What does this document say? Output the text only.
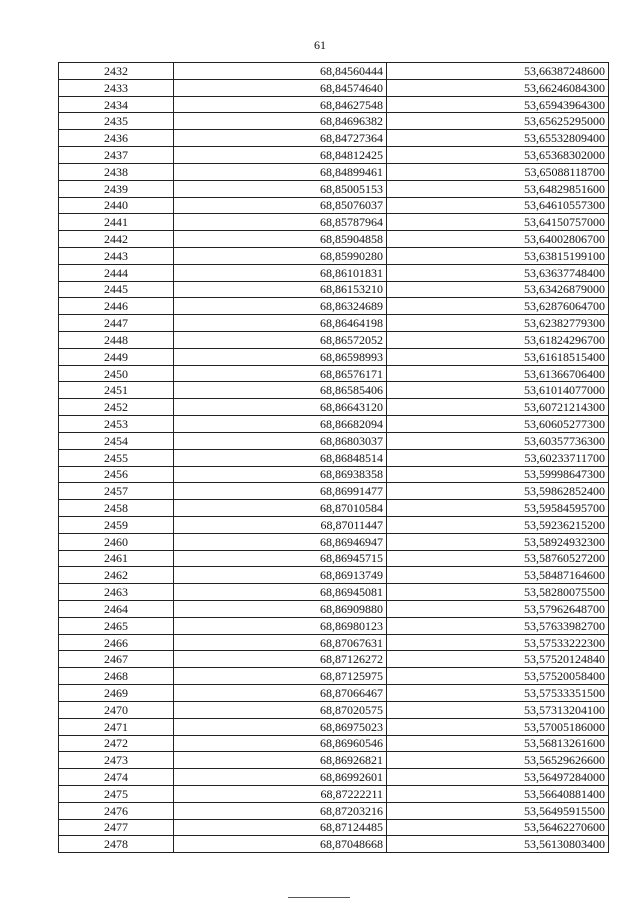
61
2432	68,84560444	53,66387248600
2433	68,84574640	53,66246084300
2434	68,84627548	53,65943964300
2435	68,84696382	53,65625295000
2436	68,84727364	53,65532809400
2437	68,84812425	53,65368302000
2438	68,84899461	53,65088118700
2439	68,85005153	53,64829851600
2440	68,85076037	53,64610557300
2441	68,85787964	53,64150757000
2442	68,85904858	53,64002806700
2443	68,85990280	53,63815199100
2444	68,86101831	53,63637748400
2445	68,86153210	53,63426879000
2446	68,86324689	53,62876064700
2447	68,86464198	53,62382779300
2448	68,86572052	53,61824296700
2449	68,86598993	53,61618515400
2450	68,86576171	53,61366706400
2451	68,86585406	53,61014077000
2452	68,86643120	53,60721214300
2453	68,86682094	53,60605277300
2454	68,86803037	53,60357736300
2455	68,86848514	53,60233711700
2456	68,86938358	53,59998647300
2457	68,86991477	53,59862852400
2458	68,87010584	53,59584595700
2459	68,87011447	53,59236215200
2460	68,86946947	53,58924932300
2461	68,86945715	53,58760527200
2462	68,86913749	53,58487164600
2463	68,86945081	53,58280075500
2464	68,86909880	53,57962648700
2465	68,86980123	53,57633982700
2466	68,87067631	53,57533222300
2467	68,87126272	53,57520124840
2468	68,87125975	53,57520058400
2469	68,87066467	53,57533351500
2470	68,87020575	53,57313204100
2471	68,86975023	53,57005186000
2472	68,86960546	53,56813261600
2473	68,86926821	53,56529626600
2474	68,86992601	53,56497284000
2475	68,87222211	53,56640881400
2476	68,87203216	53,56495915500
2477	68,87124485	53,56462270600
2478	68,87048668	53,56130803400
